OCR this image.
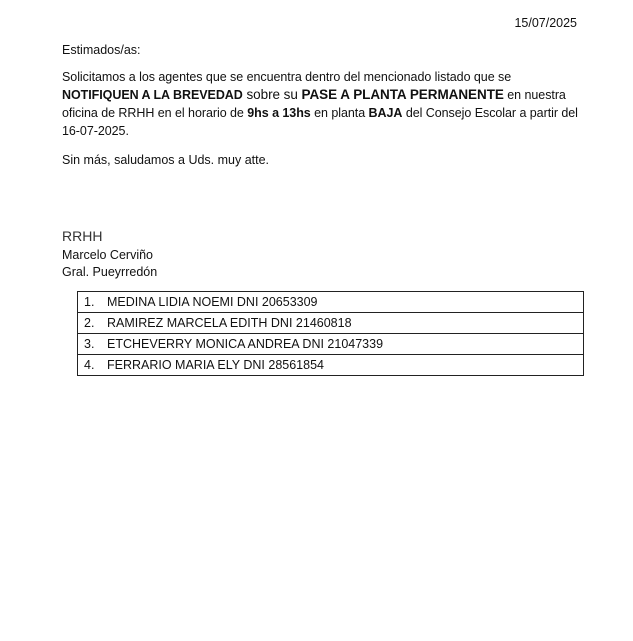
15/07/2025
Estimados/as:
Solicitamos a los agentes que se encuentra dentro del mencionado listado que se NOTIFIQUEN A LA BREVEDAD sobre su PASE A PLANTA PERMANENTE en nuestra oficina de RRHH en el horario de 9hs a 13hs en planta BAJA del Consejo Escolar a partir del 16-07-2025.
Sin más, saludamos a Uds. muy atte.
RRHH
Marcelo Cerviño
Gral. Pueyrredón
1. MEDINA LIDIA NOEMI DNI 20653309
2. RAMIREZ MARCELA EDITH DNI 21460818
3. ETCHEVERRY MONICA ANDREA DNI 21047339
4. FERRARIO MARIA ELY DNI 28561854
